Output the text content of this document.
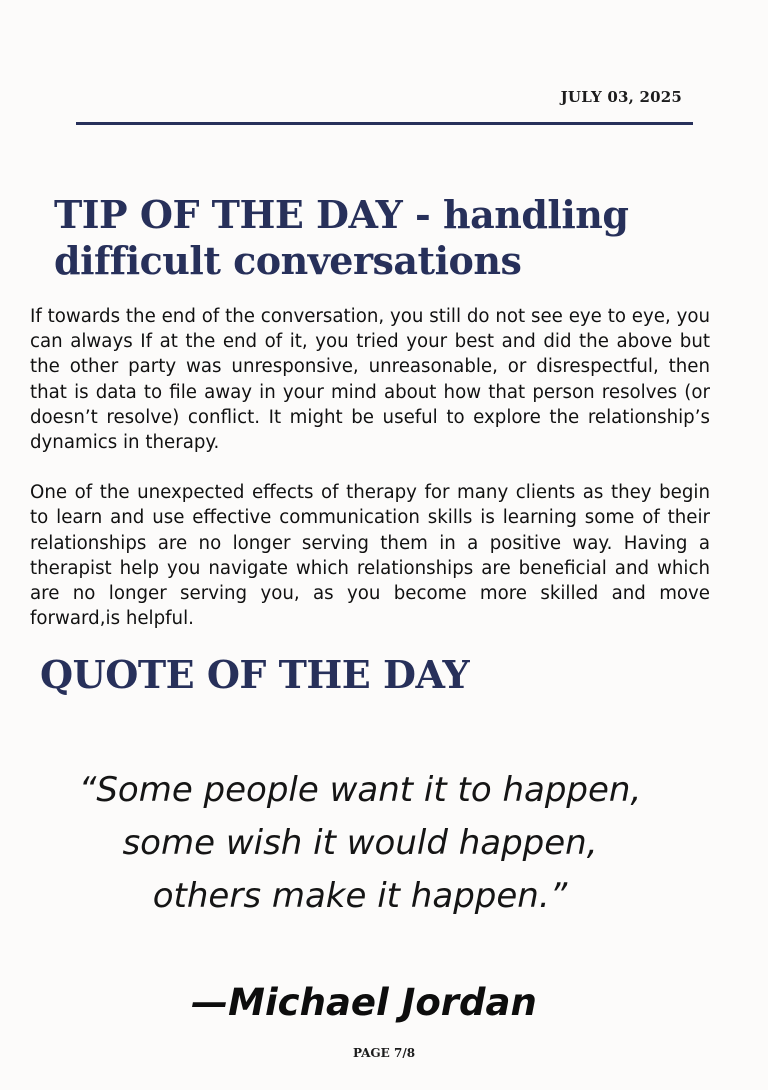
JULY 03, 2025
TIP OF THE DAY - handling difficult conversations

If towards the end of the conversation, you still do not see eye to eye, you can always If at the end of it, you tried your best and did the above but the other party was unresponsive, unreasonable, or disrespectful, then that is data to file away in your mind about how that person resolves (or doesn’t resolve) conflict. It might be useful to explore the relationship’s dynamics in therapy.

One of the unexpected effects of therapy for many clients as they begin to learn and use effective communication skills is learning some of their relationships are no longer serving them in a positive way. Having a therapist help you navigate which relationships are beneficial and which are no longer serving you, as you become more skilled and move forward,is helpful.

QUOTE OF THE DAY
“Some people want it to happen,
some wish it would happen,
others make it happen.”
—Michael Jordan
PAGE 7/8
